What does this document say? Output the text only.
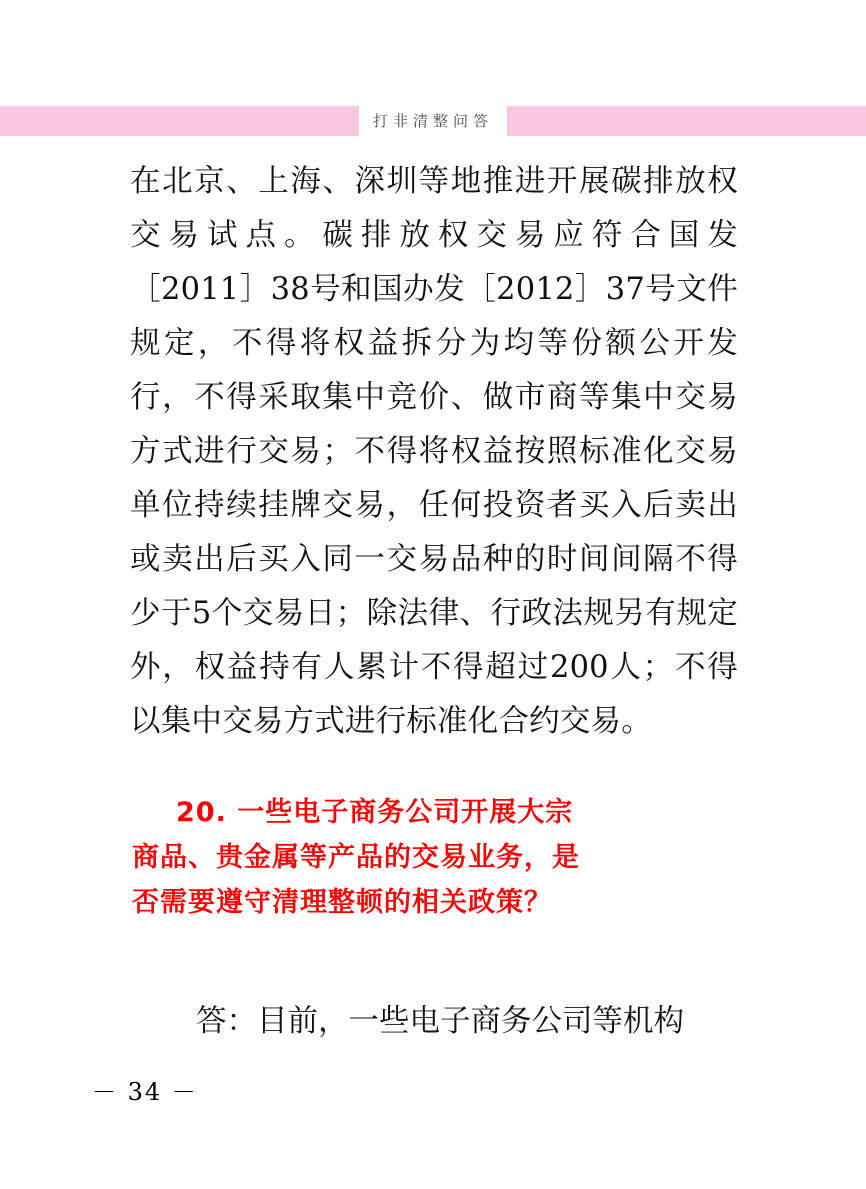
打非清整问答

在北京、上海、深圳等地推进开展碳排放权交易试点。碳排放权交易应符合国发［2011］38号和国办发［2012］37号文件规定，不得将权益拆分为均等份额公开发行，不得采取集中竞价、做市商等集中交易方式进行交易；不得将权益按照标准化交易单位持续挂牌交易，任何投资者买入后卖出或卖出后买入同一交易品种的时间间隔不得少于5个交易日；除法律、行政法规另有规定外，权益持有人累计不得超过200人；不得以集中交易方式进行标准化合约交易。

20. 一些电子商务公司开展大宗

商品、贵金属等产品的交易业务，是

否需要遵守清理整顿的相关政策？

答：目前，一些电子商务公司等机构

－ 34 －
